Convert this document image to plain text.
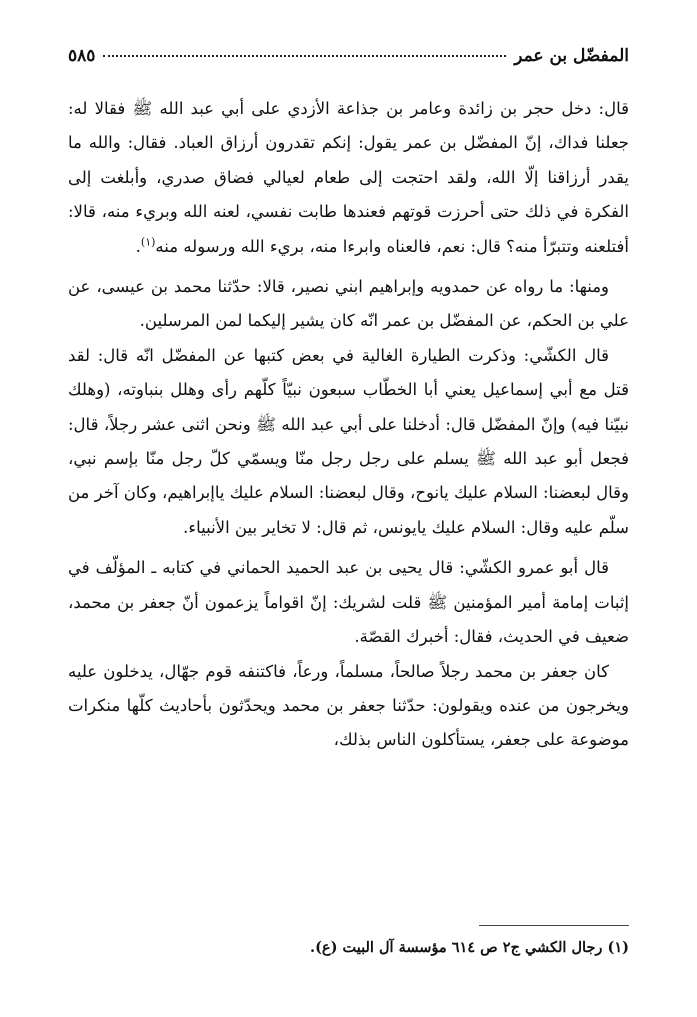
المفضّل بن عمر
٥٨٥

قال: دخل حجر بن زائدة وعامر بن جذاعة الأزدي على أبي عبد الله ﷺ فقالا له: جعلنا فداك، إنّ المفضّل بن عمر يقول: إنكم تقدرون أرزاق العباد. فقال: والله ما يقدر أرزاقنا إلّا الله، ولقد احتجت إلى طعام لعيالي فضاق صدري، وأبلغت إلى الفكرة في ذلك حتى أحرزت قوتهم فعندها طابت نفسي، لعنه الله وبريء منه، قالا: أفتلعنه وتتبرّأ منه؟ قال: نعم، فالعناه وابرءا منه، بريء الله ورسوله منه$^{(١)}$.

ومنها: ما رواه عن حمدويه وإبراهيم ابني نصير، قالا: حدّثنا محمد بن عيسى، عن علي بن الحكم، عن المفضّل بن عمر انّه كان يشير إليكما لمن المرسلين.

قال الكشّي: وذكرت الطيارة الغالية في بعض كتبها عن المفضّل انّه قال: لقد قتل مع أبي إسماعيل يعني أبا الخطّاب سبعون نبيّاً كلّهم رأى وهلل بنباوته، (وهلك نبيّنا فيه) وإنّ المفضّل قال: أدخلنا على أبي عبد الله ﷺ ونحن اثنى عشر رجلاً، قال: فجعل أبو عبد الله ﷺ يسلم على رجل رجل منّا ويسمّي كلّ رجل منّا بإسم نبي، وقال لبعضنا: السلام عليك يانوح، وقال لبعضنا: السلام عليك ياإبراهيم، وكان آخر من سلّم عليه وقال: السلام عليك يايونس، ثم قال: لا تخاير بين الأنبياء.

قال أبو عمرو الكشّي: قال يحيى بن عبد الحميد الحماني في كتابه ـ المؤلّف في إثبات إمامة أمير المؤمنين ﷺ قلت لشريك: إنّ اقواماً يزعمون أنّ جعفر بن محمد، ضعيف في الحديث، فقال: أخبرك القصّة.

كان جعفر بن محمد رجلاً صالحاً، مسلماً، ورعاً، فاكتنفه قوم جهّال، يدخلون عليه ويخرجون من عنده ويقولون: حدّثنا جعفر بن محمد ويحدّثون بأحاديث كلّها منكرات موضوعة على جعفر، يستأكلون الناس بذلك،

(١) رجال الكشي ج٢ ص ٦١٤ مؤسسة آل البيت (ع).
